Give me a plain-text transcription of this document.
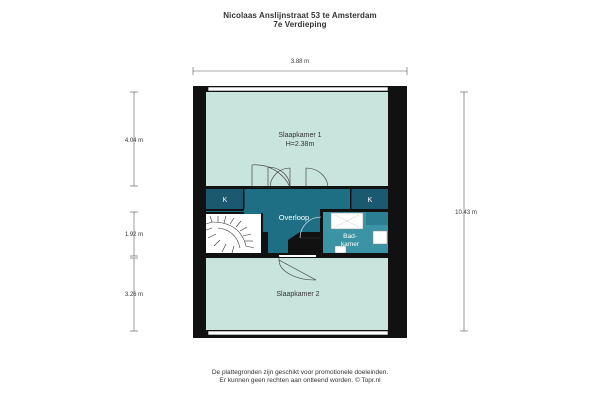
Nicolaas Anslijnstraat 53 te Amsterdam
7e Verdieping
3.88 m
10.43 m
4.04 m
1.92 m
3.26 m
Slaapkamer 1
H=2.38m
K	K
Overloop
Bad-
kamer
Slaapkamer 2
De plattegronden zijn geschikt voor promotionele doeleinden.
Er kunnen geen rechten aan ontleend worden. © Topr.nl
